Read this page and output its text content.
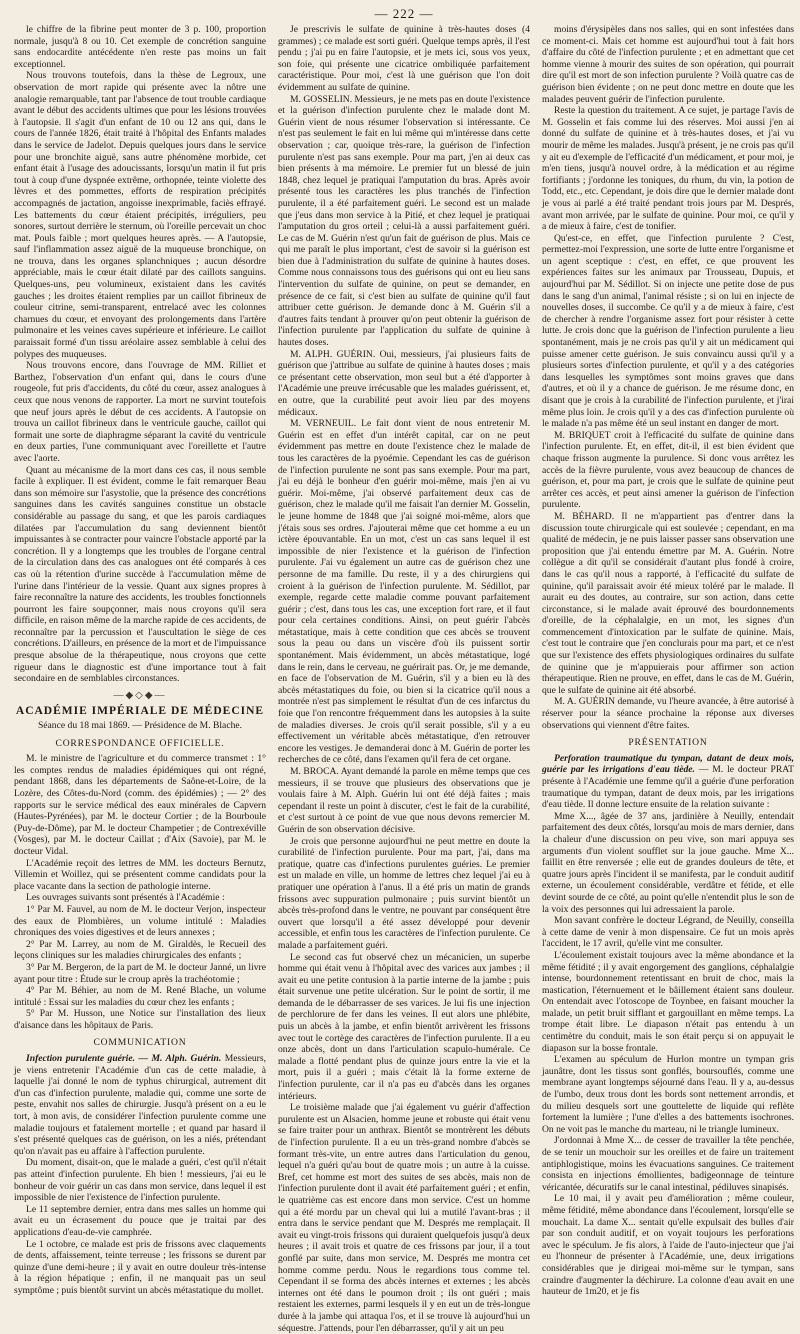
— 222 —

le chiffre de la fibrine peut monter de 3 p. 100, proportion normale, jusqu'à 8 ou 10. Cet exemple de concrétion sanguine sans endocardite antécédente n'en reste pas moins un fait exceptionnel.

Nous trouvons toutefois, dans la thèse de Legroux, une observation de mort rapide qui présente avec la nôtre une analogie remarquable, tant par l'absence de tout trouble cardiaque avant le début des accidents ultimes que pour les lésions trouvées à l'autopsie. Il s'agit d'un enfant de 10 ou 12 ans qui, dans le cours de l'année 1826, était traité à l'hôpital des Enfants malades dans le service de Jadelot. Depuis quelques jours dans le service pour une bronchite aiguë, sans autre phénomène morbide, cet enfant était à l'usage des adoucissants, lorsqu'un matin il fut pris tout à coup d'une dyspnée extrême, orthopnée, teinte violette des lèvres et des pommettes, efforts de respiration précipités accompagnés de jactation, angoisse inexprimable, faciès effrayé. Les battements du cœur étaient précipités, irréguliers, peu sonores, surtout derrière le sternum, où l'oreille percevait un choc mat. Pouls faible ; mort quelques heures après. — A l'autopsie, sauf l'inflammation assez aiguë de la muqueuse bronchique, on ne trouva, dans les organes splanchniques ; aucun désordre appréciable, mais le cœur était dilaté par des caillots sanguins. Quelques-uns, peu volumineux, existaient dans les cavités gauches ; les droites étaient remplies par un caillot fibrineux de couleur citrine, semi-transparent, entrelacé avec les colonnes charnues du cœur, et envoyant des prolongements dans l'artère pulmonaire et les veines caves supérieure et inférieure. Le caillot paraissait formé d'un tissu aréolaire assez semblable à celui des polypes des muqueuses.

Nous trouvons encore, dans l'ouvrage de MM. Rilliet et Barthez, l'observation d'un enfant qui, dans le cours d'une rougeole, fut pris d'accidents, du côté du cœur, assez analogues à ceux que nous venons de rapporter. La mort ne survint toutefois que neuf jours après le début de ces accidents. A l'autopsie on trouva un caillot fibrineux dans le ventricule gauche, caillot qui formait une sorte de diaphragme séparant la cavité du ventricule en deux parties, l'une communiquant avec l'oreillette et l'autre avec l'aorte.

Quant au mécanisme de la mort dans ces cas, il nous semble facile à expliquer. Il est évident, comme le fait remarquer Beau dans son mémoire sur l'asystolie, que la présence des concrétions sanguines dans les cavités sanguines constitue un obstacle considérable au passage du sang, et que les parois cardiaques dilatées par l'accumulation du sang deviennent bientôt impuissantes à se contracter pour vaincre l'obstacle apporté par la concrétion. Il y a longtemps que les troubles de l'organe central de la circulation dans des cas analogues ont été comparés à ces cas où la rétention d'urine succède à l'accumulation même de l'urine dans l'intérieur de la vessie. Quant aux signes propres à faire reconnaître la nature des accidents, les troubles fonctionnels pourront les faire soupçonner, mais nous croyons qu'il sera difficile, en raison même de la marche rapide de ces accidents, de reconnaître par la percussion et l'auscultation le siège de ces concrétions. D'ailleurs, en présence de la mort et de l'impuissance presque absolue de la thérapeutique, nous croyons que cette rigueur dans le diagnostic est d'une importance tout à fait secondaire en de semblables circonstances.

—◆◇◆—
ACADÉMIE IMPÉRIALE DE MÉDECINE
Séance du 18 mai 1869. — Présidence de M. Blache.
CORRESPONDANCE OFFICIELLE.

M. le ministre de l'agriculture et du commerce transmet : 1° les comptes rendus de maladies épidémiques qui ont régné, pendant 1868, dans les départements de Saône-et-Loire, de la Lozère, des Côtes-du-Nord (comm. des épidémies) ; — 2° des rapports sur le service médical des eaux minérales de Capvern (Hautes-Pyrénées), par M. le docteur Cortier ; de la Bourboule (Puy-de-Dôme), par M. le docteur Champetier ; de Contrexéville (Vosges), par M. le docteur Caillat ; d'Aix (Savoie), par M. le docteur Vidal.

L'Académie reçoit des lettres de MM. les docteurs Bernutz, Villemin et Woillez, qui se présentent comme candidats pour la place vacante dans la section de pathologie interne.

Les ouvrages suivants sont présentés à l'Académie :

1° Par M. Fauvel, au nom de M. le docteur Verjon, inspecteur des eaux de Plombières, un volume intitulé : Maladies chroniques des voies digestives et de leurs annexes ;

2° Par M. Larrey, au nom de M. Giraldès, le Recueil des leçons cliniques sur les maladies chirurgicales des enfants ;

3° Par M. Bergeron, de la part de M. le docteur Janné, un livre ayant pour titre : Étude sur le croup après la trachéotomie ;

4° Par M. Béhier, au nom de M. René Blache, un volume intitulé : Essai sur les maladies du cœur chez les enfants ;

5° Par M. Husson, une Notice sur l'installation des lieux d'aisance dans les hôpitaux de Paris.

COMMUNICATION

Infection purulente guérie. — M. Alph. Guérin. Messieurs, je viens entretenir l'Académie d'un cas de cette maladie, à laquelle j'ai donné le nom de typhus chirurgical, autrement dit d'un cas d'infection purulente, maladie qui, comme une sorte de peste, envahit nos salles de chirurgie. Jusqu'à présent on a eu le tort, à mon avis, de considérer l'infection purulente comme une maladie toujours et fatalement mortelle ; et quand par hasard il s'est présenté quelques cas de guérison, on les a niés, prétendant qu'on n'avait pas eu affaire à l'affection purulente.

Du moment, disait-on, que le malade a guéri, c'est qu'il n'était pas atteint d'infection purulente. Eh bien ! messieurs, j'ai eu le bonheur de voir guérir un cas dans mon service, dans lequel il est impossible de nier l'existence de l'infection purulente.

Le 11 septembre dernier, entra dans mes salles un homme qui avait eu un écrasement du pouce que je traitai par des applications d'eau-de-vie camphrée.

Le 1 octobre, ce malade est pris de frissons avec claquements de dents, affaissement, teinte terreuse ; les frissons se durent par quinze d'une demi-heure ; il y avait en outre douleur très-intense à la région hépatique ; enfin, il ne manquait pas un seul symptôme ; puis bientôt survint un abcès métastatique du mollet.

Je prescrivis le sulfate de quinine à très-hautes doses (4 grammes) ; ce malade est sorti guéri. Quelque temps après, il l'est pendu ; j'ai pu en faire l'autopsie, et je mets ici, sous vos yeux, son foie, qui présente une cicatrice ombiliquée parfaitement caractéristique. Pour moi, c'est là une guérison que l'on doit évidemment au sulfate de quinine.

M. GOSSELIN. Messieurs, je ne mets pas en doute l'existence et la guérison d'infection purulente chez le malade dont M. Guérin vient de nous résumer l'observation si intéressante. Ce n'est pas seulement le fait en lui même qui m'intéresse dans cette observation ; car, quoique très-rare, la guérison de l'infection purulente n'est pas sans exemple. Pour ma part, j'en ai deux cas bien présents à ma mémoire. Le premier fut un blessé de juin 1848, chez lequel je pratiquai l'amputation du bras. Après avoir présenté tous les caractères les plus tranchés de l'infection purulente, il a été parfaitement guéri. Le second est un malade que j'eus dans mon service à la Pitié, et chez lequel je pratiquai l'amputation du gros orteil ; celui-là a aussi parfaitement guéri. Le cas de M. Guérin n'est qu'un fait de guérison de plus. Mais ce qui me paraît le plus important, c'est de savoir si la guérison est bien due à l'administration du sulfate de quinine à hautes doses. Comme nous connaissons tous des guérisons qui ont eu lieu sans l'intervention du sulfate de quinine, on peut se demander, en présence de ce fait, si c'est bien au sulfate de quinine qu'il faut attribuer cette guérison. Je demande donc à M. Guérin s'il a d'autres faits tendant à prouver qu'on peut obtenir la guérison de l'infection purulente par l'application du sulfate de quinine à hautes doses.

M. ALPH. GUÉRIN. Oui, messieurs, j'ai plusieurs faits de guérison que j'attribue au sulfate de quinine à hautes doses ; mais ce présentant cette observation, mon seul but a été d'apporter à l'Académie une preuve irrécusable que les malades guérissent, et, en outre, que la curabilité peut avoir lieu par des moyens médicaux.

M. VERNEUIL. Le fait dont vient de nous entretenir M. Guérin est en effet d'un intérêt capital, car on ne peut évidemment pas mettre en doute l'existence chez le malade de tous les caractères de la pyoémie. Cependant les cas de guérison de l'infection purulente ne sont pas sans exemple. Pour ma part, j'ai eu déjà le bonheur d'en guérir moi-même, mais j'en ai vu guérir. Moi-même, j'ai observé parfaitement deux cas de guérison, chez le malade qu'il me faisait l'an dernier M. Gosselin, le jeune homme de 1848 que j'ai soigné moi-même, alors que j'étais sous ses ordres. J'ajouterai même que cet homme a eu un ictère épouvantable. En un mot, c'est un cas sans lequel il est impossible de nier l'existence et la guérison de l'infection purulente. J'ai vu également un autre cas de guérison chez une personne de ma famille. Du reste, il y a des chirurgiens qui croient à la guérison de l'infection purulente. M. Sédillot, par exemple, regarde cette maladie comme pouvant parfaitement guérir ; c'est, dans tous les cas, une exception fort rare, et il faut pour cela certaines conditions. Ainsi, on peut guérir l'abcès métastatique, mais à cette condition que ces abcès se trouvent sous la peau ou dans un viscère d'où ils puissent sortir spontanément. Mais évidemment, un abcès métastatique, logé dans le rein, dans le cerveau, ne guérirait pas. Or, je me demande, en face de l'observation de M. Guérin, s'il y a bien eu là des abcès métastatiques du foie, ou bien si la cicatrice qu'il nous a montrée n'est pas simplement le résultat d'un de ces infarctus du foie que l'on rencontre fréquemment dans les autopsies à la suite de maladies diverses. Je crois qu'il serait possible, s'il y a eu effectivement un véritable abcès métastatique, d'en retrouver encore les vestiges. Je demanderai donc à M. Guérin de porter les recherches de ce côté, dans l'examen qu'il fera de cet organe.

M. BROCA. Ayant demandé la parole en même temps que ces messieurs, il se trouve que plusieurs des observations que je voulais faire à M. Alph. Guérin lui ont été déjà faites ; mais cependant il reste un point à discuter, c'est le fait de la curabilité, et c'est surtout à ce point de vue que nous devons remercier M. Guérin de son observation décisive.

Je crois que personne aujourd'hui ne peut mettre en doute la curabilité de l'infection purulente. Pour ma part, j'ai, dans ma pratique, quatre cas d'infections purulentes guéries. Le premier est un malade en ville, un homme de lettres chez lequel j'ai eu à pratiquer une opération à l'anus. Il a été pris un matin de grands frissons avec suppuration pulmonaire ; puis survint bientôt un abcès très-profond dans le ventre, ne pouvant par conséquent être ouvert que lorsqu'il a été assez développé pour devenir accessible, et enfin tous les caractères de l'infection purulente. Ce malade a parfaitement guéri.

Le second cas fut observé chez un mécanicien, un superbe homme qui était venu à l'hôpital avec des varices aux jambes ; il avait eu une petite contusion à la partie interne de la jambe ; puis était survenue une petite ulcération. Sur le point de sortir, il me demanda de le débarrasser de ses varices. Je lui fis une injection de perchlorure de fer dans les veines. Il eut alors une phlébite, puis un abcès à la jambe, et enfin bientôt arrivèrent les frissons avec tout le cortège des caractères de l'infection purulente. Il a eu onze abcès, dont un dans l'articulation scapulo-humérale. Ce malade a flotté pendant plus de quinze jours entre la vie et la mort, puis il a guéri ; mais c'était là la forme externe de l'infection purulente, car il n'a pas eu d'abcès dans les organes intérieurs.

Le troisième malade que j'ai également vu guérir d'affection purulente est un Alsacien, homme jeune et robuste qui était venu se faire traiter pour un anthrax. Bientôt se montrèrent les débuts de l'infection purulente. Il a eu un très-grand nombre d'abcès se formant très-vite, un entre autres dans l'articulation du genou, lequel n'a guéri qu'au bout de quatre mois ; un autre à la cuisse. Bref, cet homme est mort des suites de ses abcès, mais non de l'infection purulente dont il avait été parfaitement guéri ; et enfin, le quatrième cas est encore dans mon service. C'est un homme qui a été mordu par un cheval qui lui a mutilé l'avant-bras ; il entra dans le service pendant que M. Després me remplaçait. Il avait eu vingt-trois frissons qui duraient quelquefois jusqu'à deux heures ; il avait trois et quatre de ces frissons par jour, il a tout gonflé par suite, dans mon service, M. Després me montra cet homme comme perdu. Nous le regardions tous comme tel. Cependant il se forma des abcès internes et externes ; les abcès internes ont été dans le poumon droit ; ils ont guéri ; mais restaient les externes, parmi lesquels il y en eut un de très-longue durée à la jambe qui attaqua l'os, et il se trouve là aujourd'hui un séquestre. J'attends, pour l'en débarrasser, qu'il y ait un peu

moins d'érysipèles dans nos salles, qui en sont infestées dans ce moment-ci. Mais cet homme est aujourd'hui tout à fait hors d'affaire du côté de l'infection purulente ; et en admettant que cet homme vienne à mourir des suites de son opération, qui pourrait dire qu'il est mort de son infection purulente ? Voilà quatre cas de guérison bien évidente ; on ne peut donc mettre en doute que les malades peuvent guérir de l'infection purulente.

Reste la question du traitement. A ce sujet, je partage l'avis de M. Gosselin et fais comme lui des réserves. Moi aussi j'en ai donné du sulfate de quinine et à très-hautes doses, et j'ai vu mourir de même les malades. Jusqu'à présent, je ne crois pas qu'il y ait eu d'exemple de l'efficacité d'un médicament, et pour moi, je m'en tiens, jusqu'à nouvel ordre, à la médication et au régime fortifiants ; j'ordonne les toniques, du rhum, du vin, la potion de Todd, etc., etc. Cependant, je dois dire que le dernier malade dont je vous ai parlé a été traité pendant trois jours par M. Després, avant mon arrivée, par le sulfate de quinine. Pour moi, ce qu'il y a de mieux à faire, c'est de tonifier.

Qu'est-ce, en effet, que l'infection purulente ? C'est, permettez-moi l'expression, une sorte de lutte entre l'organisme et un agent sceptique : c'est, en effet, ce que prouvent les expériences faites sur les animaux par Trousseau, Dupuis, et aujourd'hui par M. Sédillot. Si on injecte une petite dose de pus dans le sang d'un animal, l'animal résiste ; si on lui en injecte de nouvelles doses, il succombe. Ce qu'il y a de mieux à faire, c'est de chercher à rendre l'organisme assez fort pour résister à cette lutte. Je crois donc que la guérison de l'infection purulente a lieu spontanément, mais je ne crois pas qu'il y ait un médicament qui puisse amener cette guérison. Je suis convaincu aussi qu'il y a plusieurs sortes d'infection purulente, et qu'il y a des catégories dans lesquelles les symptômes sont moins graves que dans d'autres, et où il y a chance de guérison. Je me résume donc, en disant que je crois à la curabilité de l'infection purulente, et j'irai même plus loin. Je crois qu'il y a des cas d'infection purulente où le malade n'a pas même été un seul instant en danger de mort.

M. BRIQUET croit à l'efficacité du sulfate de quinine dans l'infection purulente. Et, en effet, dit-il, il est bien évident que chaque frisson augmente la purulence. Si donc vous arrêtez les accès de la fièvre purulente, vous avez beaucoup de chances de guérison, et, pour ma part, je crois que le sulfate de quinine peut arrêter ces accès, et peut ainsi amener la guérison de l'infection purulente.

M. BÉHARD. Il ne m'appartient pas d'entrer dans la discussion toute chirurgicale qui est soulevée ; cependant, en ma qualité de médecin, je ne puis laisser passer sans observation une proposition que j'ai entendu émettre par M. A. Guérin. Notre collègue a dit qu'il se considérait d'autant plus fondé à croire, dans le cas qu'il nous a rapporté, à l'efficacité du sulfate de quinine, qu'il paraissait avoir été mieux toléré par le malade. Il aurait eu des doutes, au contraire, sur son action, dans cette circonstance, si le malade avait éprouvé des bourdonnements d'oreille, de la céphalalgie, en un mot, les signes d'un commencement d'intoxication par le sulfate de quinine. Mais, c'est tout le contraire que j'en conclurais pour ma part, et ce n'est que sur l'existence des effets physiologiques ordinaires du sulfate de quinine que je m'appuierais pour affirmer son action thérapeutique. Rien ne prouve, en effet, dans le cas de M. Guérin, que le sulfate de quinine ait été absorbé.

M. A. GUÉRIN demande, vu l'heure avancée, à être autorisé à réserver pour la séance prochaine la réponse aux diverses observations qui viennent d'être faites.

PRÉSENTATION

Perforation traumatique du tympan, datant de deux mois, guérie par les irrigations d'eau tiède. — M. le docteur PRAT présente à l'Académie une femme qu'il a guérie d'une perforation traumatique du tympan, datant de deux mois, par les irrigations d'eau tiède. Il donne lecture ensuite de la relation suivante :

Mme X..., âgée de 37 ans, jardinière à Neuilly, entendait parfaitement des deux côtés, lorsqu'au mois de mars dernier, dans la chaleur d'une discussion on peu vive, son mari appuya ses arguments d'un violent soufflet sur la joue gauche. Mme X... faillit en être renversée ; elle eut de grandes douleurs de tête, et quatre jours après l'incident il se manifesta, par le conduit auditif externe, un écoulement considérable, verdâtre et fétide, et elle devint sourde de ce côté, au point qu'elle n'entendit plus le son de la voix des personnes qui lui adressaient la parole.

Mon savant confrère le docteur Légrand, de Neuilly, conseilla à cette dame de venir à mon dispensaire. Ce fut un mois après l'accident, le 17 avril, qu'elle vint me consulter.

L'écoulement existait toujours avec la même abondance et la même fétidité ; il y avait engorgement des ganglions, céphalalgie intense, bourdonnement retentissant en bruit de choc, mais la mastication, l'éternuement et le bâillement étaient sans douleur. On entendait avec l'otoscope de Toynbee, en faisant moucher la malade, un petit bruit sifflant et gargouillant en même temps. La trompe était libre. Le diapason n'était pas entendu à un centimètre du conduit, mais le son était perçu si on appuyait le diapason sur la bosse frontale.

L'examen au spéculum de Hurlon montre un tympan gris jaunâtre, dont les tissus sont gonflés, boursouflés, comme une membrane ayant longtemps séjourné dans l'eau. Il y a, au-dessus de l'umbo, deux trous dont les bords sont nettement arrondis, et du milieu desquels sort une gouttelette de liquide qui reflète fortement la lumière ; l'une d'elles a des battements isochrones. On ne voit pas le manche du marteau, ni le triangle lumineux.

J'ordonnai à Mme X... de cesser de travailler la tête penchée, de se tenir un mouchoir sur les oreilles et de faire un traitement antiphlogistique, moins les évacuations sanguines. Ce traitement consista en injections émollientes, badigeonnage de teinture véricantée, décuratifs sur le canal intestinal, pédiluves sinapisés.

Le 10 mai, il y avait peu d'amélioration ; même couleur, même fétidité, même abondance dans l'écoulement, lorsqu'elle se mouchait. La dame X... sentait qu'elle expulsait des bulles d'air par son conduit auditif, et on voyait toujours les perforations avec le spéculum. Je fis alors, à l'aide de l'auto-injecteur que j'ai eu l'honneur de présenter à l'Académie, une, deux irrigations considérables que je dirigeai moi-même sur le tympan, sans craindre d'augmenter la déchirure. La colonne d'eau avait en une hauteur de 1m20, et je fis
